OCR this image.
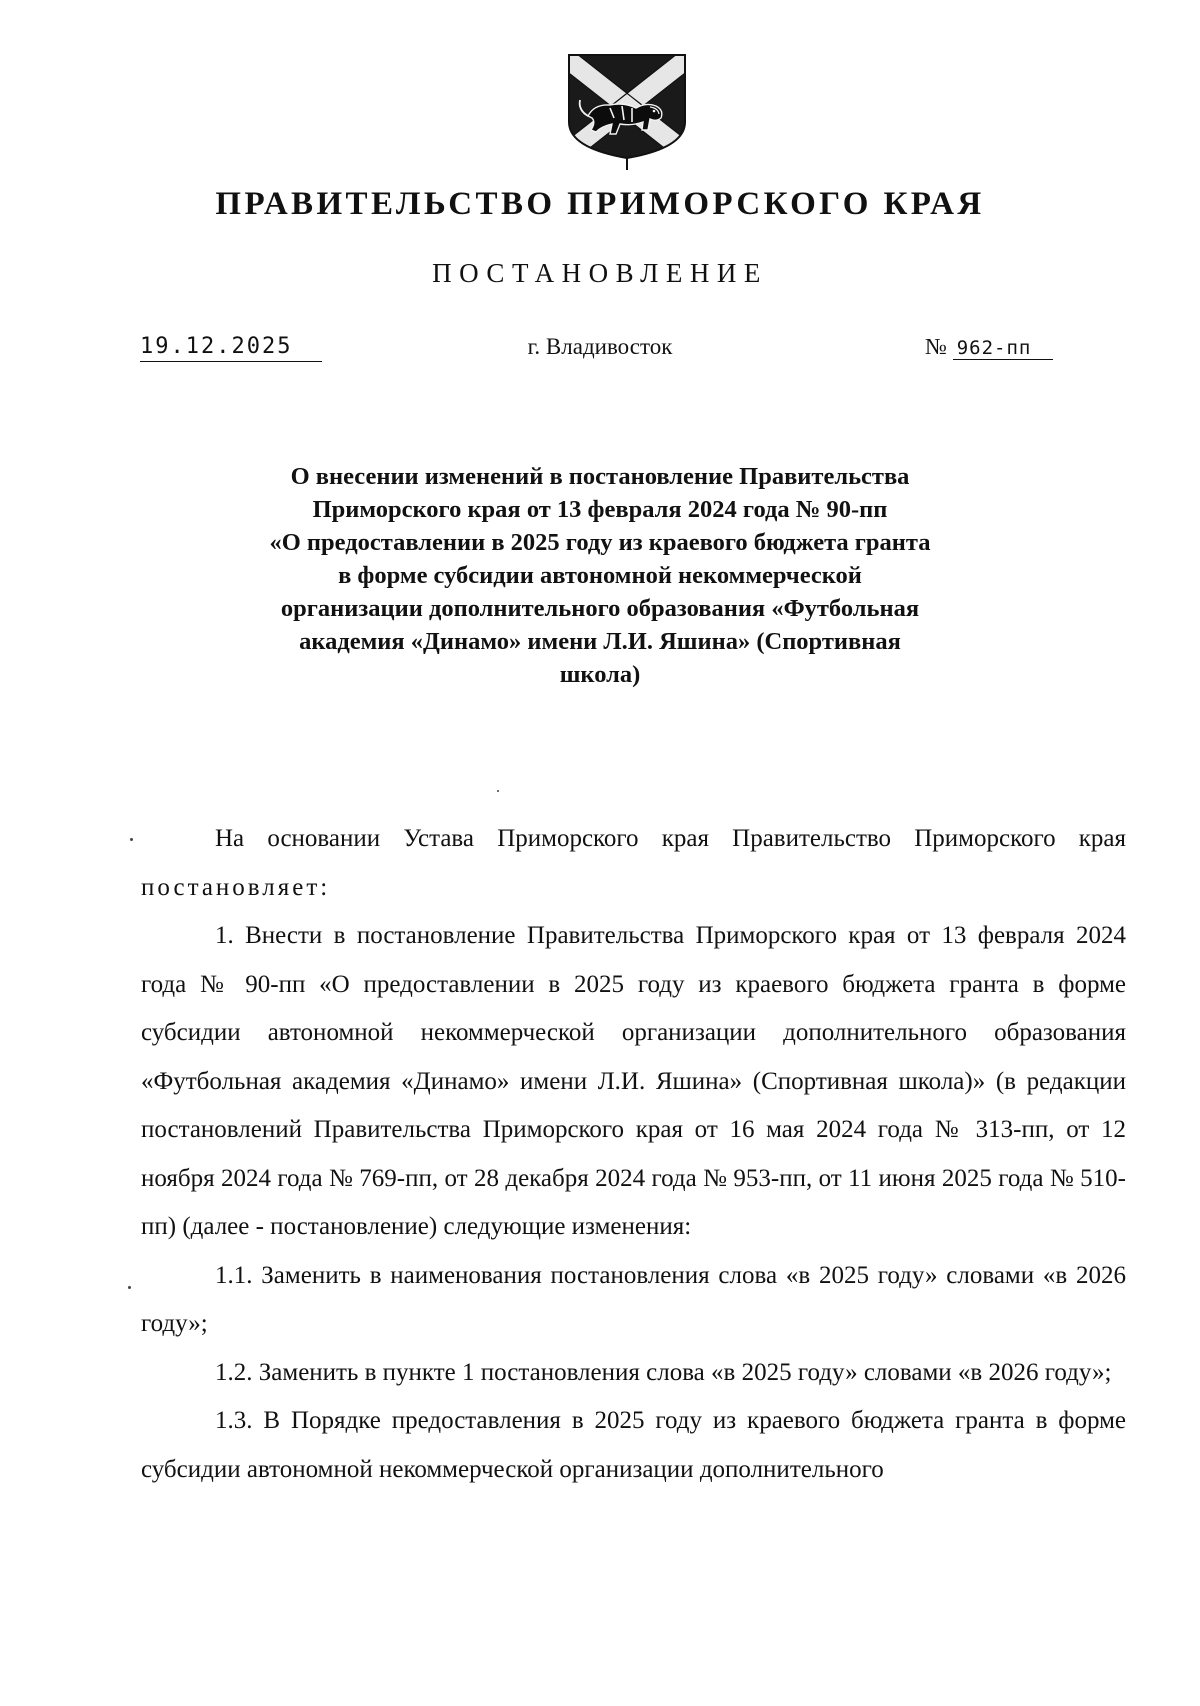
ПРАВИТЕЛЬСТВО ПРИМОРСКОГО КРАЯ
ПОСТАНОВЛЕНИЕ
19.12.2025	г. Владивосток	№ 962-пп
О внесении изменений в постановление Правительства
Приморского края от 13 февраля 2024 года № 90-пп
«О предоставлении в 2025 году из краевого бюджета гранта
в форме субсидии автономной некоммерческой
организации дополнительного образования «Футбольная
академия «Динамо» имени Л.И. Яшина» (Спортивная
школа)

На основании Устава Приморского края Правительство Приморского края постановляет:

1. Внести в постановление Правительства Приморского края от 13 февраля 2024 года № 90-пп «О предоставлении в 2025 году из краевого бюджета гранта в форме субсидии автономной некоммерческой организации дополнительного образования «Футбольная академия «Динамо» имени Л.И. Яшина» (Спортивная школа)» (в редакции постановлений Правительства Приморского края от 16 мая 2024 года № 313-пп, от 12 ноября 2024 года № 769-пп, от 28 декабря 2024 года № 953-пп, от 11 июня 2025 года № 510-пп) (далее - постановление) следующие изменения:

1.1. Заменить в наименования постановления слова «в 2025 году» словами «в 2026 году»;

1.2. Заменить в пункте 1 постановления слова «в 2025 году» словами «в 2026 году»;

1.3. В Порядке предоставления в 2025 году из краевого бюджета гранта в форме субсидии автономной некоммерческой организации дополнительного
